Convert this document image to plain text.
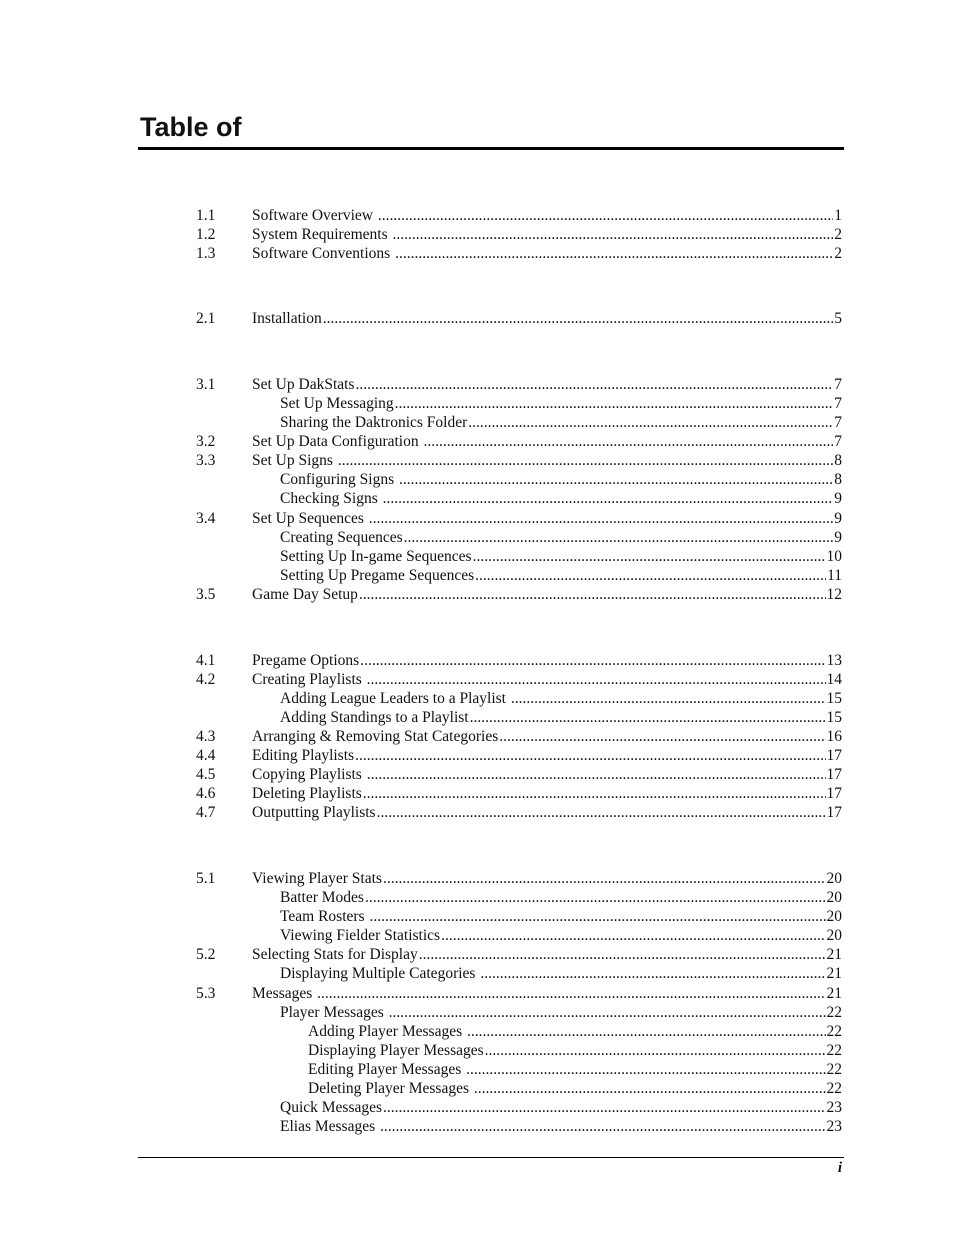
Table of
1.1 Software Overview .....	1
1.2 System Requirements .....	2
1.3 Software Conventions .....	2
2.1 Installation .....	5
3.1 Set Up DakStats .....	7
Set Up Messaging .....	7
Sharing the Daktronics Folder .....	7
3.2 Set Up Data Configuration .....	7
3.3 Set Up Signs .....	8
Configuring Signs .....	8
Checking Signs .....	9
3.4 Set Up Sequences .....	9
Creating Sequences .....	9
Setting Up In-game Sequences .....	10
Setting Up Pregame Sequences .....	11
3.5 Game Day Setup .....	12
4.1 Pregame Options .....	13
4.2 Creating Playlists .....	14
Adding League Leaders to a Playlist .....	15
Adding Standings to a Playlist .....	15
4.3 Arranging & Removing Stat Categories .....	16
4.4 Editing Playlists .....	17
4.5 Copying Playlists .....	17
4.6 Deleting Playlists .....	17
4.7 Outputting Playlists .....	17
5.1 Viewing Player Stats .....	20
Batter Modes .....	20
Team Rosters .....	20
Viewing Fielder Statistics .....	20
5.2 Selecting Stats for Display .....	21
Displaying Multiple Categories .....	21
5.3 Messages .....	21
Player Messages .....	22
Adding Player Messages .....	22
Displaying Player Messages .....	22
Editing Player Messages .....	22
Deleting Player Messages .....	22
Quick Messages .....	23
Elias Messages .....	23
i
